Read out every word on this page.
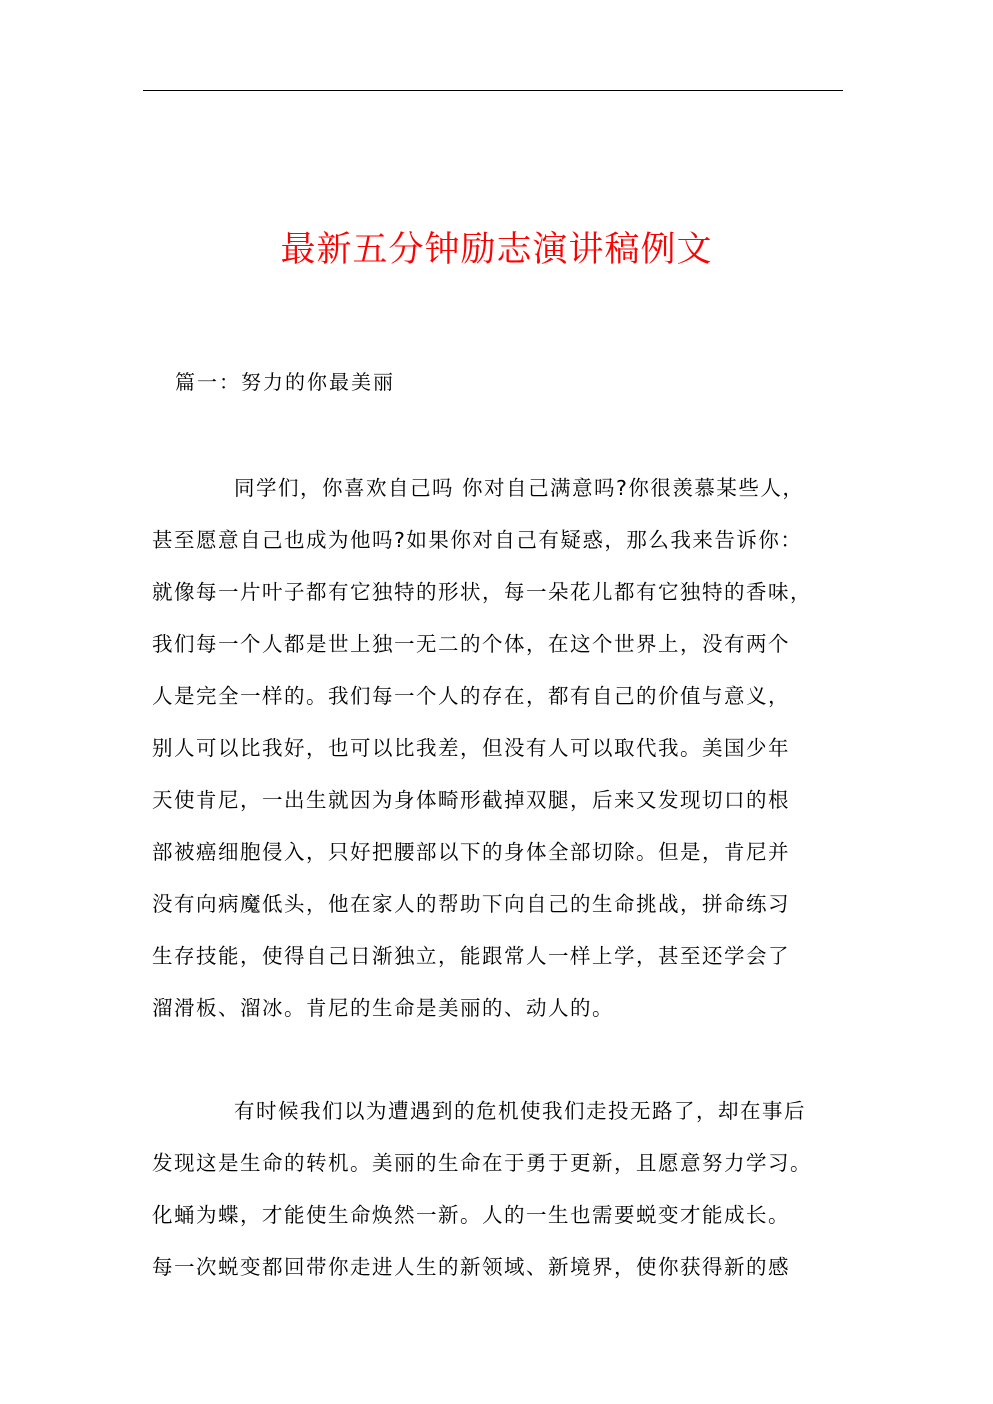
最新五分钟励志演讲稿例文
篇一：努力的你最美丽
同学们，你喜欢自己吗 你对自己满意吗?你很羡慕某些人，
甚至愿意自己也成为他吗?如果你对自己有疑惑，那么我来告诉你：
就像每一片叶子都有它独特的形状，每一朵花儿都有它独特的香味，
我们每一个人都是世上独一无二的个体，在这个世界上，没有两个
人是完全一样的。我们每一个人的存在，都有自己的价值与意义，
别人可以比我好，也可以比我差，但没有人可以取代我。美国少年
天使肯尼，一出生就因为身体畸形截掉双腿，后来又发现切口的根
部被癌细胞侵入，只好把腰部以下的身体全部切除。但是，肯尼并
没有向病魔低头，他在家人的帮助下向自己的生命挑战，拼命练习
生存技能，使得自己日渐独立，能跟常人一样上学，甚至还学会了
溜滑板、溜冰。肯尼的生命是美丽的、动人的。
有时候我们以为遭遇到的危机使我们走投无路了，却在事后
发现这是生命的转机。美丽的生命在于勇于更新，且愿意努力学习。
化蛹为蝶，才能使生命焕然一新。人的一生也需要蜕变才能成长。
每一次蜕变都回带你走进人生的新领域、新境界，使你获得新的感
